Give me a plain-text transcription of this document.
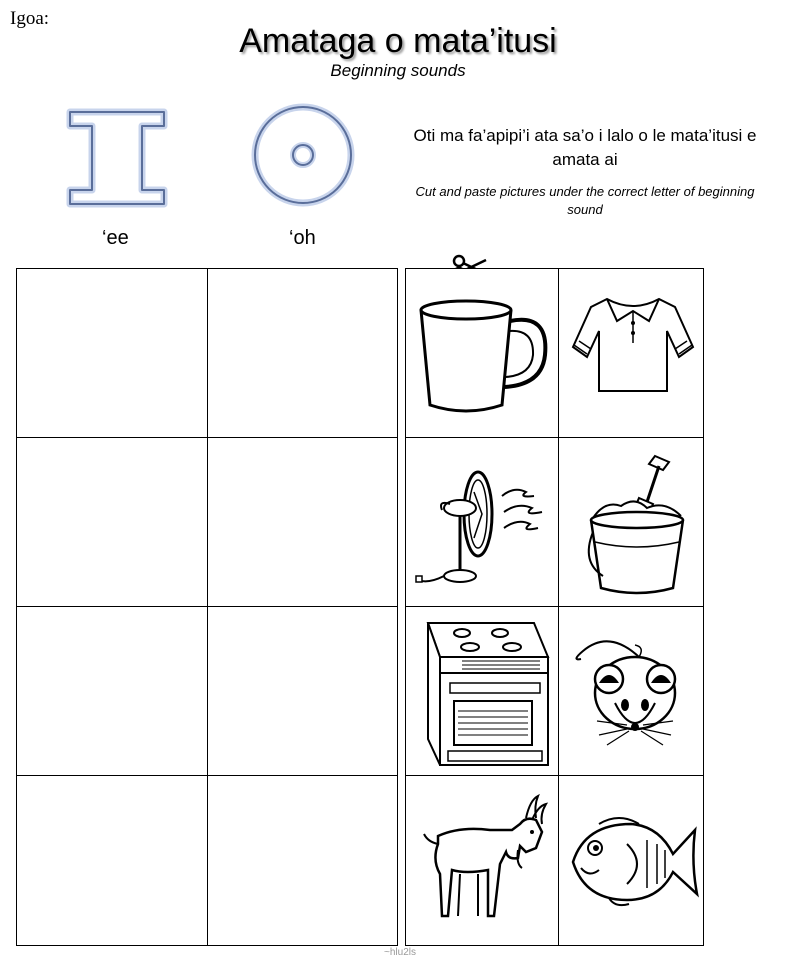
Igoa:
Amataga o mata’itusi
Beginning sounds
‘ee	‘oh
Oti ma fa’apipi’i ata sa’o i lalo o le mata’itusi e amata ai
Cut and paste pictures under the correct letter of beginning sound
~hlu2ls
